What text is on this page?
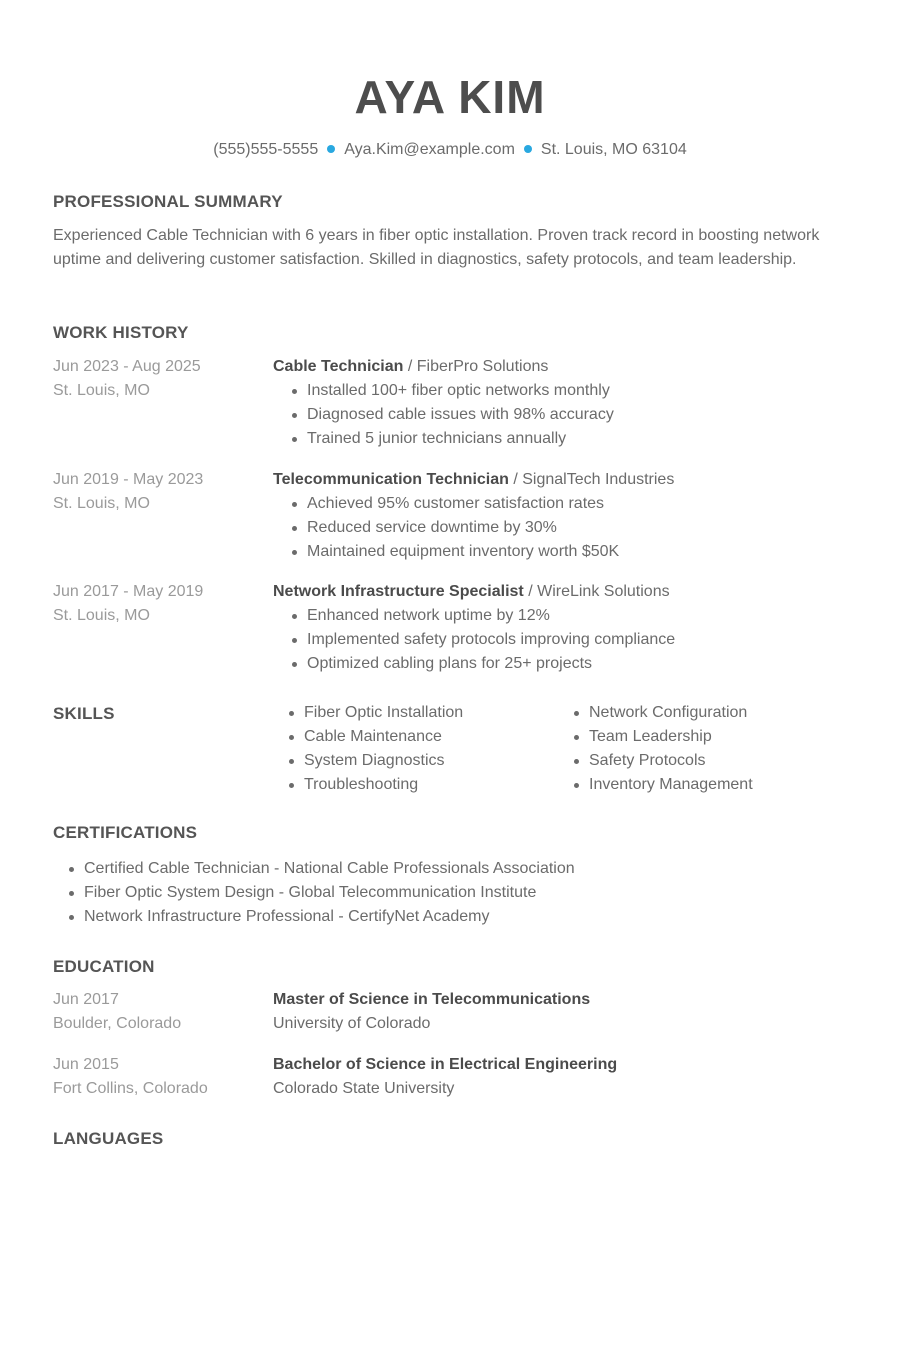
AYA KIM
(555)555-5555 Aya.Kim@example.com St. Louis, MO 63104
PROFESSIONAL SUMMARY
Experienced Cable Technician with 6 years in fiber optic installation. Proven track record in boosting network uptime and delivering customer satisfaction. Skilled in diagnostics, safety protocols, and team leadership.
WORK HISTORY
Jun 2023 - Aug 2025
St. Louis, MO
Cable Technician / FiberPro Solutions
Installed 100+ fiber optic networks monthly
Diagnosed cable issues with 98% accuracy
Trained 5 junior technicians annually
Jun 2019 - May 2023
St. Louis, MO
Telecommunication Technician / SignalTech Industries
Achieved 95% customer satisfaction rates
Reduced service downtime by 30%
Maintained equipment inventory worth $50K
Jun 2017 - May 2019
St. Louis, MO
Network Infrastructure Specialist / WireLink Solutions
Enhanced network uptime by 12%
Implemented safety protocols improving compliance
Optimized cabling plans for 25+ projects
SKILLS	Fiber Optic Installation
Cable Maintenance
System Diagnostics
Troubleshooting
Network Configuration
Team Leadership
Safety Protocols
Inventory Management
CERTIFICATIONS
Certified Cable Technician - National Cable Professionals Association
Fiber Optic System Design - Global Telecommunication Institute
Network Infrastructure Professional - CertifyNet Academy
EDUCATION
Jun 2017
Boulder, Colorado
Master of Science in Telecommunications
University of Colorado
Jun 2015
Fort Collins, Colorado
Bachelor of Science in Electrical Engineering
Colorado State University
LANGUAGES
